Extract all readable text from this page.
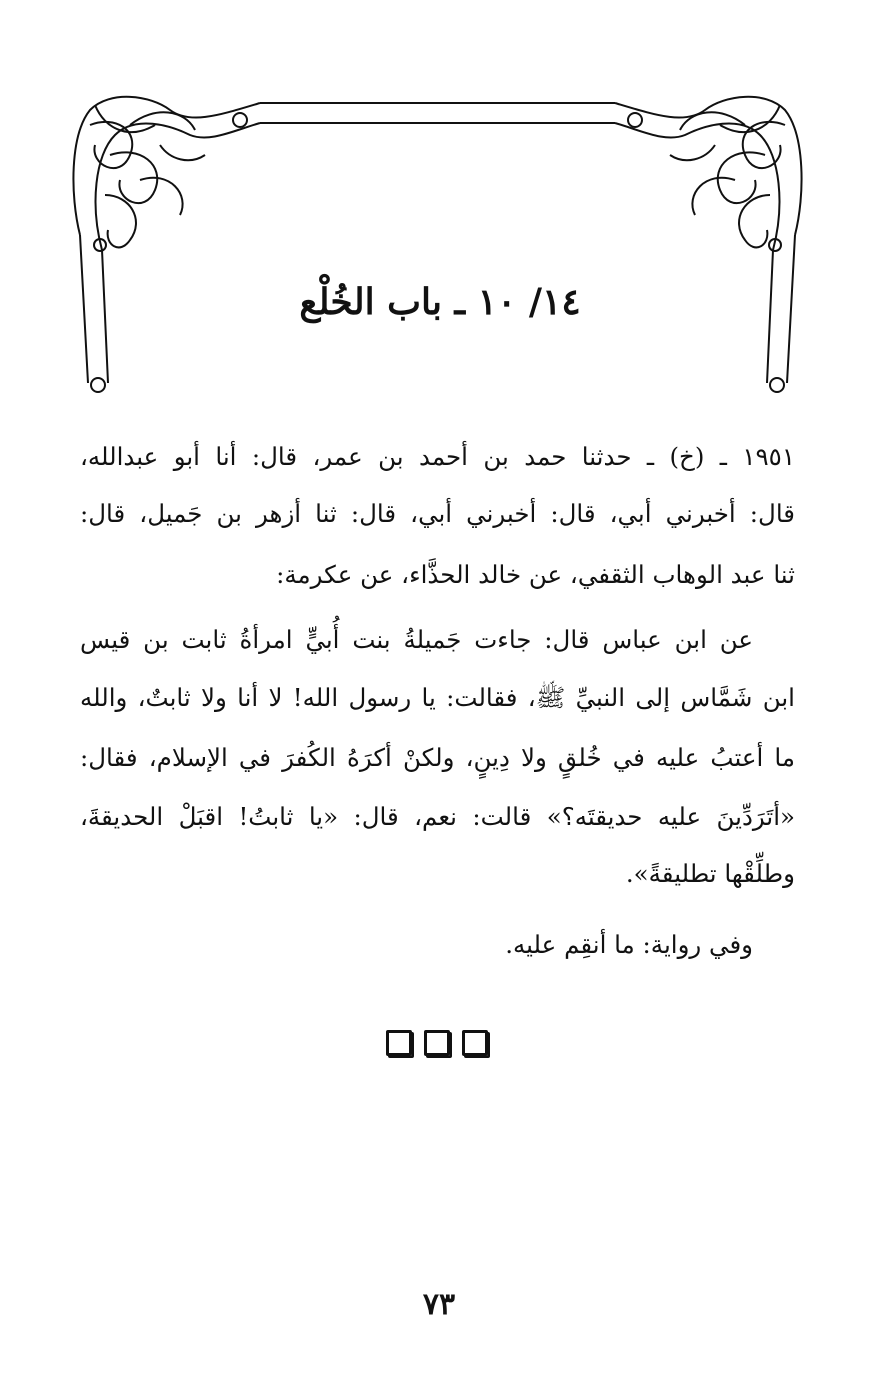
١٤/ ١٠ ـ باب الخُلْع
١٩٥١ ـ (خ) ـ حدثنا حمد بن أحمد بن عمر، قال: أنا أبو عبدالله،
قال: أخبرني أبي، قال: أخبرني أبي، قال: ثنا أزهر بن جَميل، قال:
ثنا عبد الوهاب الثقفي، عن خالد الحذَّاء، عن عكرمة:
عن ابن عباس قال: جاءت جَميلةُ بنت أُبيٍّ امرأةُ ثابت بن قيس
ابن شَمَّاس إلى النبيِّ ﷺ، فقالت: يا رسول الله! لا أنا ولا ثابتٌ، والله
ما أعتبُ عليه في خُلقٍ ولا دِينٍ، ولكنْ أكرَهُ الكُفرَ في الإسلام، فقال:
«أتَرَدِّينَ عليه حديقتَه؟» قالت: نعم، قال: «يا ثابتُ! اقبَلْ الحديقةَ،
وطلِّقْها تطليقةً».
وفي رواية: ما أنقِم عليه.
٧٣
